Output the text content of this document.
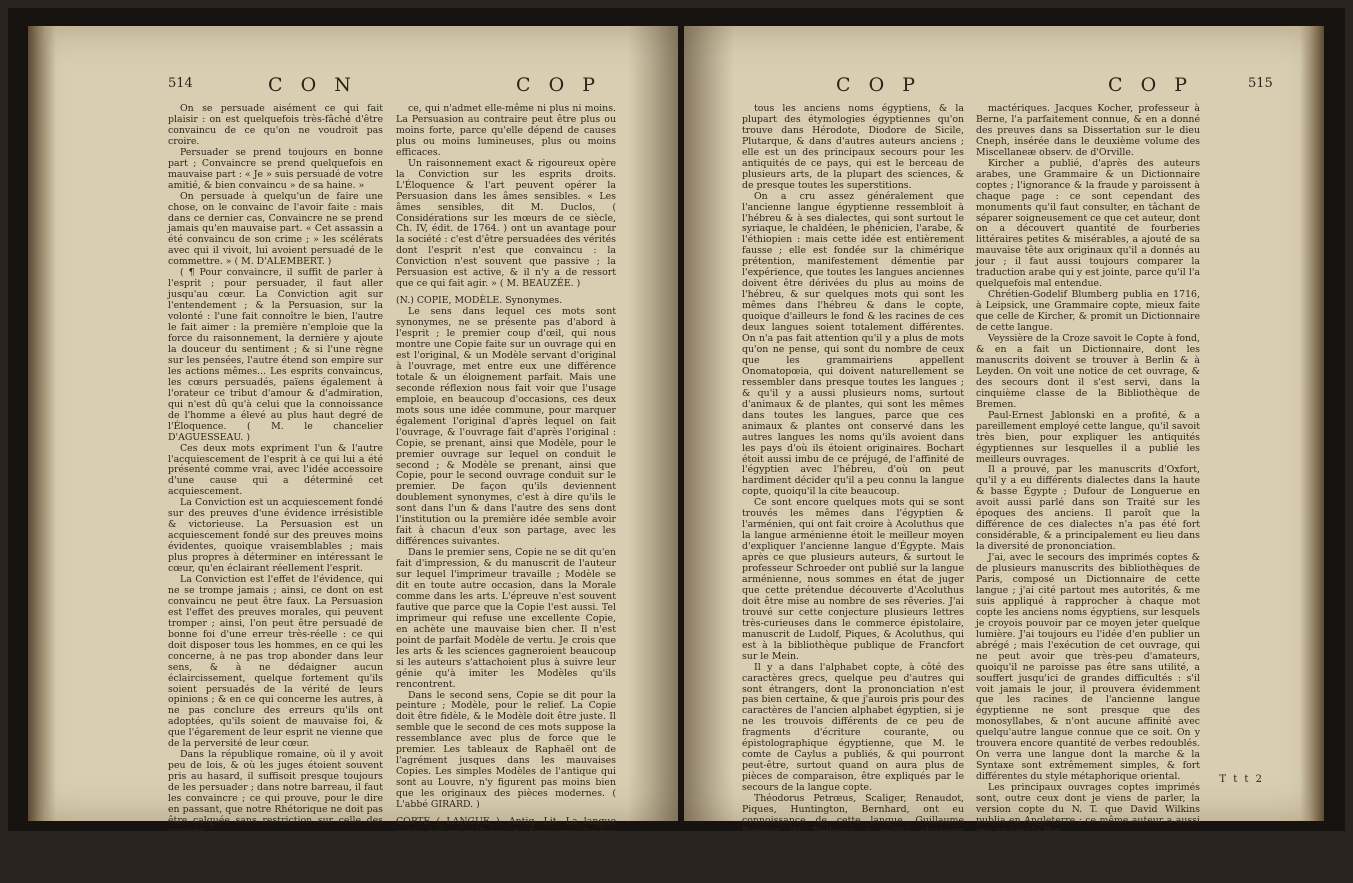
514	C O N	C O P

On se persuade aisément ce qui fait plaisir : on est quelquefois très-fâché d'être convaincu de ce qu'on ne voudroit pas croire.

Persuader se prend toujours en bonne part ; Convaincre se prend quelquefois en mauvaise part : « Je » suis persuadé de votre amitié, & bien convaincu » de sa haine. »

On persuade à quelqu'un de faire une chose, on le convainc de l'avoir faite : mais dans ce dernier cas, Convaincre ne se prend jamais qu'en mauvaise part. « Cet assassin a été convaincu de son crime ; » les scélérats avec qui il vivoit, lui avoient persuadé de le commettre. » ( M. D'ALEMBERT. )

( ¶ Pour convaincre, il suffit de parler à l'esprit ; pour persuader, il faut aller jusqu'au cœur. La Conviction agit sur l'entendement ; & la Persuasion, sur la volonté : l'une fait connoître le bien, l'autre le fait aimer : la première n'emploie que la force du raisonnement, la dernière y ajoute la douceur du sentiment ; & si l'une règne sur les pensées, l'autre étend son empire sur les actions mêmes... Les esprits convaincus, les cœurs persuadés, païens également à l'orateur ce tribut d'amour & d'admiration, qui n'est dû qu'à celui que la connoissance de l'homme a élevé au plus haut degré de l'Éloquence. ( M. le chancelier D'AGUESSEAU. )

Ces deux mots expriment l'un & l'autre l'acquiescement de l'esprit à ce qui lui a été présenté comme vrai, avec l'idée accessoire d'une cause qui a déterminé cet acquiescement.

La Conviction est un acquiescement fondé sur des preuves d'une évidence irrésistible & victorieuse. La Persuasion est un acquiescement fondé sur des preuves moins évidentes, quoique vraisemblables ; mais plus propres à déterminer en intéressant le cœur, qu'en éclairant réellement l'esprit.

La Conviction est l'effet de l'évidence, qui ne se trompe jamais ; ainsi, ce dont on est convaincu ne peut être faux. La Persuasion est l'effet des preuves morales, qui peuvent tromper ; ainsi, l'on peut être persuadé de bonne foi d'une erreur très-réelle : ce qui doit disposer tous les hommes, en ce qui les concerne, à ne pas trop abonder dans leur sens, & à ne dédaigner aucun éclaircissement, quelque fortement qu'ils soient persuadés de la vérité de leurs opinions ; & en ce qui concerne les autres, à ne pas conclure des erreurs qu'ils ont adoptées, qu'ils soient de mauvaise foi, & que l'égarement de leur esprit ne vienne que de la perversité de leur cœur.

Dans la république romaine, où il y avoit peu de lois, & où les juges étoient souvent pris au hasard, il suffisoit presque toujours de les persuader ; dans notre barreau, il faut les convaincre ; ce qui prouve, pour le dire en passant, que notre Rhétorique ne doit pas être calquée sans restriction sur celle des anciens.

La Conviction n'est pas susceptible de plus ou de moins, parce que c'est l'effet nécessaire de l'éviden-

ce, qui n'admet elle-même ni plus ni moins. La Persuasion au contraire peut être plus ou moins forte, parce qu'elle dépend de causes plus ou moins lumineuses, plus ou moins efficaces.

Un raisonnement exact & rigoureux opère la Conviction sur les esprits droits. L'Éloquence & l'art peuvent opérer la Persuasion dans les âmes sensibles. « Les âmes sensibles, dit M. Duclos, ( Considérations sur les mœurs de ce siècle, Ch. IV, édit. de 1764. ) ont un avantage pour la société : c'est d'être persuadées des vérités dont l'esprit n'est que convaincu : la Conviction n'est souvent que passive ; la Persuasion est active, & il n'y a de ressort que ce qui fait agir. » ( M. BEAUZÉE. )

(N.) COPIE, MODÈLE. Synonymes.

Le sens dans lequel ces mots sont synonymes, ne se présente pas d'abord à l'esprit ; le premier coup d'œil, qui nous montre une Copie faite sur un ouvrage qui en est l'original, & un Modèle servant d'original à l'ouvrage, met entre eux une différence totale & un éloignement parfait. Mais une seconde réflexion nous fait voir que l'usage emploie, en beaucoup d'occasions, ces deux mots sous une idée commune, pour marquer également l'original d'après lequel on fait l'ouvrage, & l'ouvrage fait d'après l'original : Copie, se prenant, ainsi que Modèle, pour le premier ouvrage sur lequel on conduit le second ; & Modèle se prenant, ainsi que Copie, pour le second ouvrage conduit sur le premier. De façon qu'ils deviennent doublement synonymes, c'est à dire qu'ils le sont dans l'un & dans l'autre des sens dont l'institution ou la première idée semble avoir fait à chacun d'eux son partage, avec les différences suivantes.

Dans le premier sens, Copie ne se dit qu'en fait d'impression, & du manuscrit de l'auteur sur lequel l'imprimeur travaille ; Modèle se dit en toute autre occasion, dans la Morale comme dans les arts. L'épreuve n'est souvent fautive que parce que la Copie l'est aussi. Tel imprimeur qui refuse une excellente Copie, en achète une mauvaise bien cher. Il n'est point de parfait Modèle de vertu. Je crois que les arts & les sciences gagneroient beaucoup si les auteurs s'attachoient plus à suivre leur génie qu'à imiter les Modèles qu'ils rencontrent.

Dans le second sens, Copie se dit pour la peinture ; Modèle, pour le relief. La Copie doit être fidèle, & le Modèle doit être juste. Il semble que le second de ces mots suppose la ressemblance avec plus de force que le premier. Les tableaux de Raphaël ont de l'agrément jusques dans les mauvaises Copies. Les simples Modèles de l'antique qui sont au Louvre, n'y figurent pas moins bien que les originaux des pièces modernes. ( L'abbé GIRARD. )

COPTE ( LANGUE ). Antiq. Lit. La langue copte est un mélange de l'ancienne langue égyptienne, & de mots grecs qui s'y sont glissés peu à peu après que cette nation s'est rendue maîtresse de ce pays. Nous pouvons expliquer par cette langue presque

C O P	C O P	515

tous les anciens noms égyptiens, & la plupart des étymologies égyptiennes qu'on trouve dans Hérodote, Diodore de Sicile, Plutarque, & dans d'autres auteurs anciens ; elle est un des principaux secours pour les antiquités de ce pays, qui est le berceau de plusieurs arts, de la plupart des sciences, & de presque toutes les superstitions.

On a cru assez généralement que l'ancienne langue égyptienne ressembloit à l'hébreu & à ses dialectes, qui sont surtout le syriaque, le chaldéen, le phénicien, l'arabe, & l'éthiopien : mais cette idée est entièrement fausse ; elle est fondée sur la chimérique prétention, manifestement démentie par l'expérience, que toutes les langues anciennes doivent être dérivées du plus au moins de l'hébreu, & sur quelques mots qui sont les mêmes dans l'hébreu & dans le copte, quoique d'ailleurs le fond & les racines de ces deux langues soient totalement différentes. On n'a pas fait attention qu'il y a plus de mots qu'on ne pense, qui sont du nombre de ceux que les grammairiens appellent Onomatopœia, qui doivent naturellement se ressembler dans presque toutes les langues ; & qu'il y a aussi plusieurs noms, surtout d'animaux & de plantes, qui sont les mêmes dans toutes les langues, parce que ces animaux & plantes ont conservé dans les autres langues les noms qu'ils avoient dans les pays d'où ils étoient originaires. Bochart étoit aussi imbu de ce préjugé, de l'affinité de l'égyptien avec l'hébreu, d'où on peut hardiment décider qu'il a peu connu la langue copte, quoiqu'il la cite beaucoup.

Ce sont encore quelques mots qui se sont trouvés les mêmes dans l'égyptien & l'arménien, qui ont fait croire à Acoluthus que la langue arménienne étoit le meilleur moyen d'expliquer l'ancienne langue d'Égypte. Mais après ce que plusieurs auteurs, & surtout le professeur Schroeder ont publié sur la langue arménienne, nous sommes en état de juger que cette prétendue découverte d'Acoluthus doit être mise au nombre de ses rêveries. J'ai trouvé sur cette conjecture plusieurs lettres très-curieuses dans le commerce épistolaire, manuscrit de Ludolf, Piques, & Acoluthus, qui est à la bibliothèque publique de Francfort sur le Mein.

Il y a dans l'alphabet copte, à côté des caractères grecs, quelque peu d'autres qui sont étrangers, dont la prononciation n'est pas bien certaine, & que j'aurois pris pour des caractères de l'ancien alphabet égyptien, si je ne les trouvois différents de ce peu de fragments d'écriture courante, ou épistolographique égyptienne, que M. le comte de Caylus a publiés, & qui pourront peut-être, surtout quand on aura plus de pièces de comparaison, être expliqués par le secours de la langue copte.

Théodorus Petrœus, Scaliger, Renaudot, Piques, Huntington, Bernhard, ont eu connoissance de cette langue. Guillaume Bonjour de Toulouse a publié plusieurs brochures qui prouvent qu'il y étoit versé. Saumaise ne l'a pas négligée, & on voit par ses ouvrages, surtout par ses années cli-

mactériques. Jacques Kocher, professeur à Berne, l'a parfaitement connue, & en a donné des preuves dans sa Dissertation sur le dieu Cneph, insérée dans le deuxième volume des Miscellaneæ observ. de d'Orville.

Kircher a publié, d'après des auteurs arabes, une Grammaire & un Dictionnaire coptes ; l'ignorance & la fraude y paroissent à chaque page : ce sont cependant des monuments qu'il faut consulter, en tâchant de séparer soigneusement ce que cet auteur, dont on a découvert quantité de fourberies littéraires petites & misérables, a ajouté de sa mauvaise tête aux originaux qu'il a donnés au jour ; il faut aussi toujours comparer la traduction arabe qui y est jointe, parce qu'il l'a quelquefois mal entendue.

Chrétien-Godelif Blumberg publia en 1716, à Leipsick, une Grammaire copte, mieux faite que celle de Kircher, & promit un Dictionnaire de cette langue.

Veyssière de la Croze savoit le Copte à fond, & en a fait un Dictionnaire, dont les manuscrits doivent se trouver à Berlin & à Leyden. On voit une notice de cet ouvrage, & des secours dont il s'est servi, dans la cinquième classe de la Bibliothèque de Bremen.

Paul-Ernest Jablonski en a profité, & a pareillement employé cette langue, qu'il savoit très bien, pour expliquer les antiquités égyptiennes sur lesquelles il a publié les meilleurs ouvrages.

Il a prouvé, par les manuscrits d'Oxfort, qu'il y a eu différents dialectes dans la haute & basse Égypte ; Dufour de Longuerue en avoit aussi parlé dans son Traité sur les époques des anciens. Il paroît que la différence de ces dialectes n'a pas été fort considérable, & a principalement eu lieu dans la diversité de prononciation.

J'ai, avec le secours des imprimés coptes & de plusieurs manuscrits des bibliothèques de Paris, composé un Dictionnaire de cette langue ; j'ai cité partout mes autorités, & me suis appliqué à rapprocher à chaque mot copte les anciens noms égyptiens, sur lesquels je croyois pouvoir par ce moyen jeter quelque lumière. J'ai toujours eu l'idée d'en publier un abrégé ; mais l'exécution de cet ouvrage, qui ne peut avoir que très-peu d'amateurs, quoiqu'il ne paroisse pas être sans utilité, a souffert jusqu'ici de grandes difficultés : s'il voit jamais le jour, il prouvera évidemment que les racines de l'ancienne langue égyptienne ne sont presque que des monosyllabes, & n'ont aucune affinité avec quelqu'autre langue connue que ce soit. On y trouvera encore quantité de verbes redoublés. On verra une langue dont la marche & la Syntaxe sont extrêmement simples, & fort différentes du style métaphorique oriental.

Les principaux ouvrages coptes imprimés sont, outre ceux dont je viens de parler, la version copte du N. T. que David Wilkins publia en Angleterre ; ce même auteur a aussi mis au jour le Pen-

T t t 2
